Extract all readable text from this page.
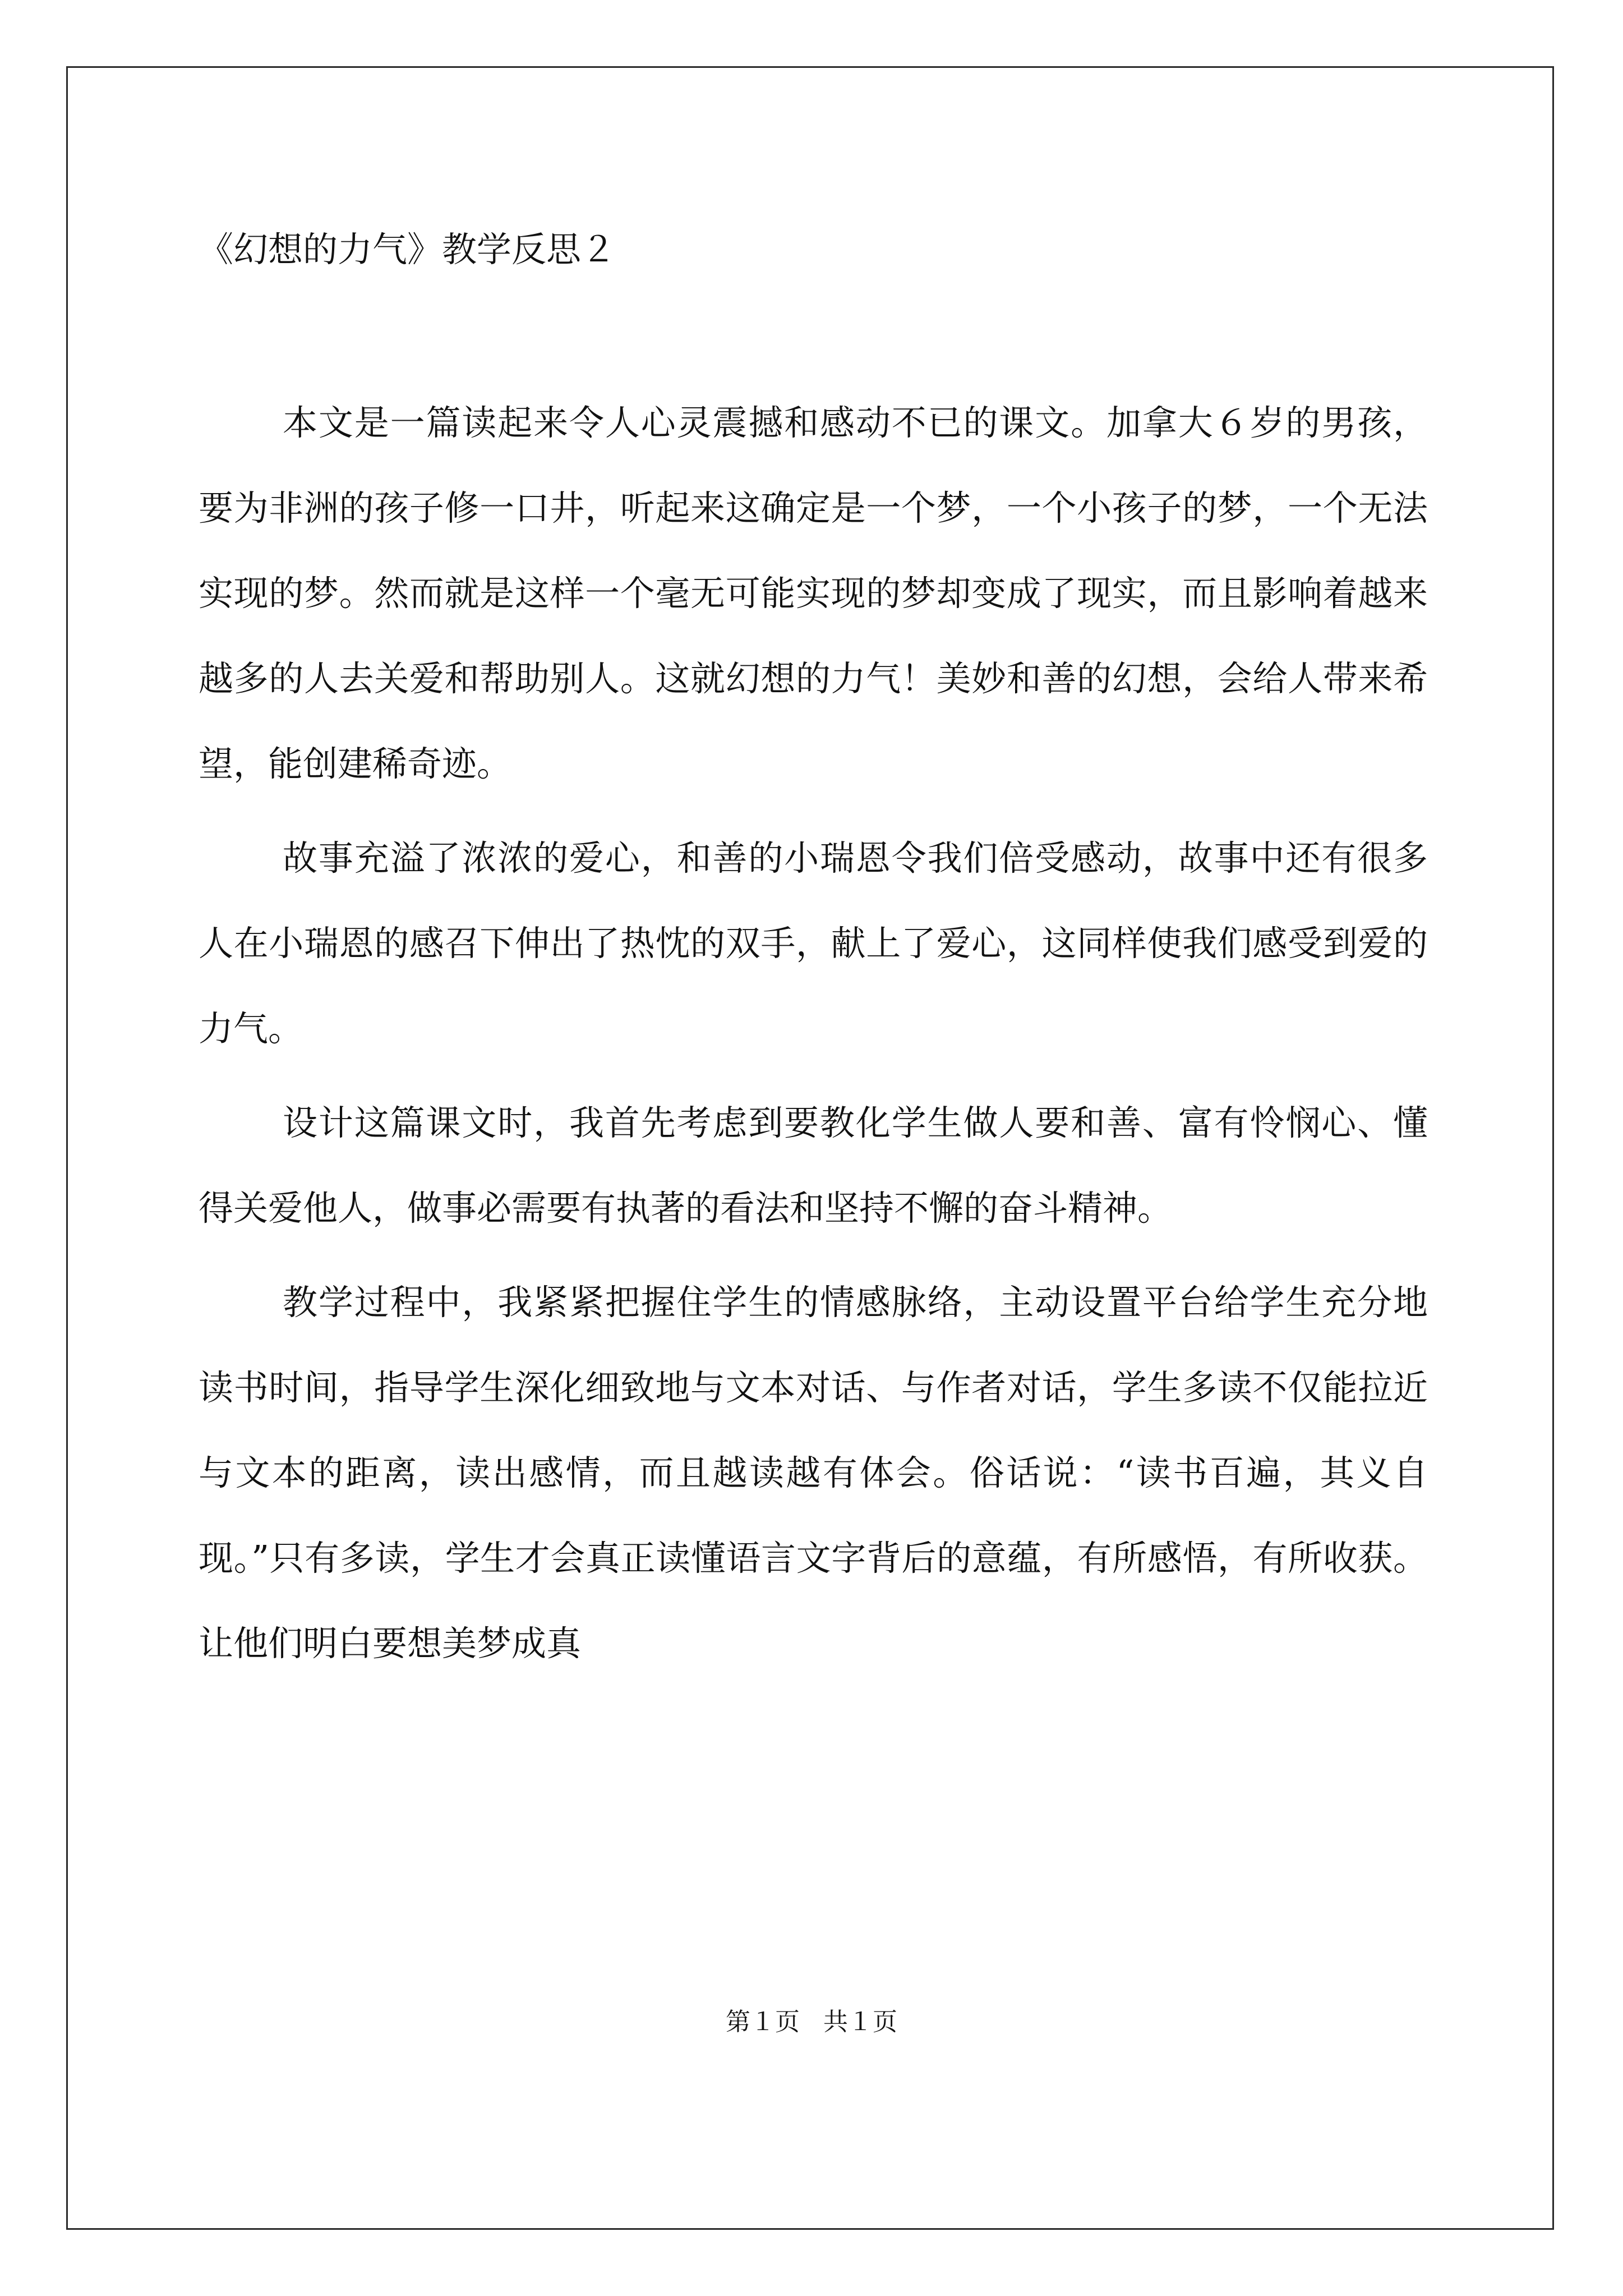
《幻想的力气》教学反思２

本文是一篇读起来令人心灵震撼和感动不已的课文。加拿大６岁的男孩，要为非洲的孩子修一口井，听起来这确定是一个梦，一个小孩子的梦，一个无法实现的梦。然而就是这样一个毫无可能实现的梦却变成了现实，而且影响着越来越多的人去关爱和帮助别人。这就幻想的力气！美妙和善的幻想，会给人带来希望，能创建稀奇迹。

故事充溢了浓浓的爱心，和善的小瑞恩令我们倍受感动，故事中还有很多人在小瑞恩的感召下伸出了热忱的双手，献上了爱心，这同样使我们感受到爱的力气。

设计这篇课文时，我首先考虑到要教化学生做人要和善、富有怜悯心、懂得关爱他人，做事必需要有执著的看法和坚持不懈的奋斗精神。

教学过程中，我紧紧把握住学生的情感脉络，主动设置平台给学生充分地读书时间，指导学生深化细致地与文本对话、与作者对话，学生多读不仅能拉近与文本的距离，读出感情，而且越读越有体会。俗话说：“读书百遍，其义自现。”只有多读，学生才会真正读懂语言文字背后的意蕴，有所感悟，有所收获。让他们明白要想美梦成真

第１页   共１页
